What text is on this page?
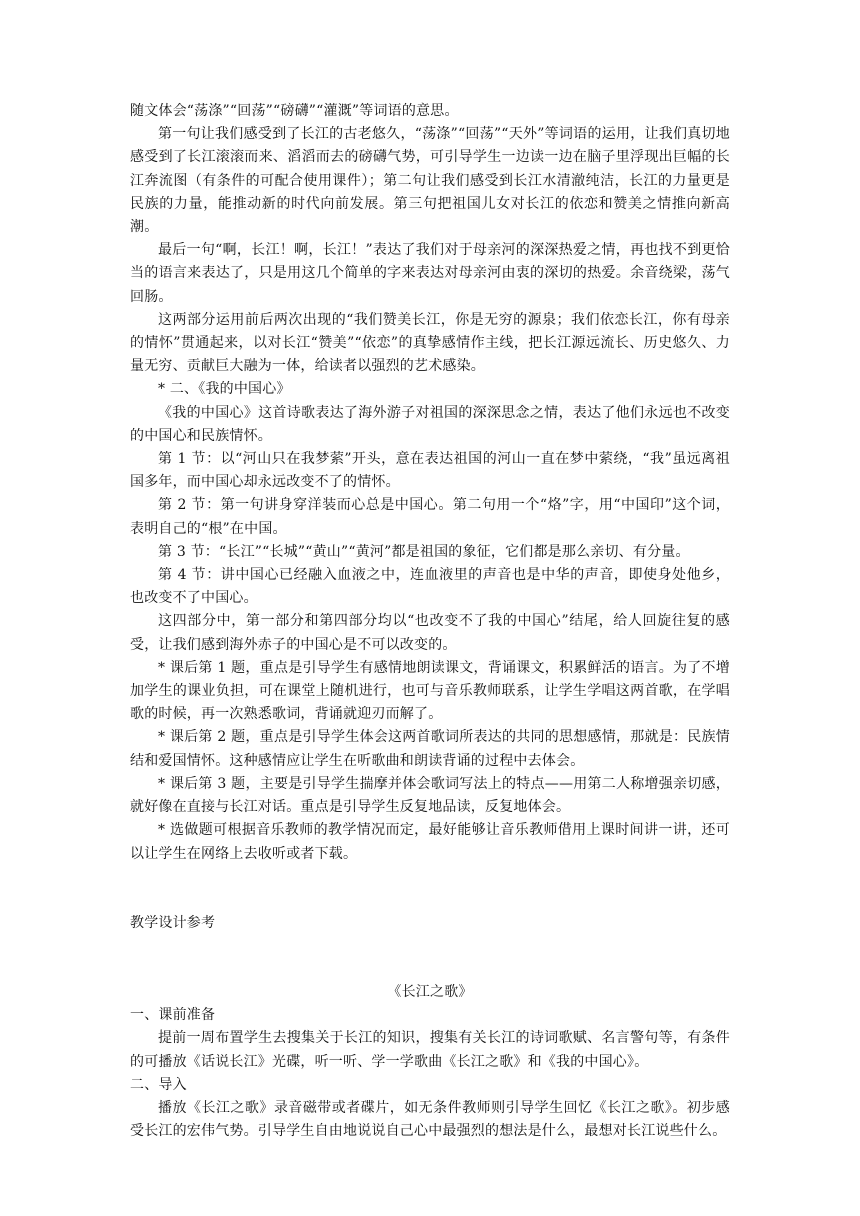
随文体会“荡涤”“回荡”“磅礴”“灌溉”等词语的意思。

第一句让我们感受到了长江的古老悠久，“荡涤”“回荡”“天外”等词语的运用，让我们真切地感受到了长江滚滚而来、滔滔而去的磅礴气势，可引导学生一边读一边在脑子里浮现出巨幅的长江奔流图（有条件的可配合使用课件）；第二句让我们感受到长江水清澈纯洁，长江的力量更是民族的力量，能推动新的时代向前发展。第三句把祖国儿女对长江的依恋和赞美之情推向新高潮。

最后一句“啊，长江！啊，长江！”表达了我们对于母亲河的深深热爱之情，再也找不到更恰当的语言来表达了，只是用这几个简单的字来表达对母亲河由衷的深切的热爱。余音绕梁，荡气回肠。

这两部分运用前后两次出现的“我们赞美长江，你是无穷的源泉；我们依恋长江，你有母亲的情怀”贯通起来，以对长江“赞美”“依恋”的真挚感情作主线，把长江源远流长、历史悠久、力量无穷、贡献巨大融为一体，给读者以强烈的艺术感染。

* 二、《我的中国心》

《我的中国心》这首诗歌表达了海外游子对祖国的深深思念之情，表达了他们永远也不改变的中国心和民族情怀。

第 1 节：以“河山只在我梦萦”开头，意在表达祖国的河山一直在梦中萦绕，“我”虽远离祖国多年，而中国心却永远改变不了的情怀。

第 2 节：第一句讲身穿洋装而心总是中国心。第二句用一个“烙”字，用“中国印”这个词，表明自己的“根”在中国。

第 3 节：“长江”“长城”“黄山”“黄河”都是祖国的象征，它们都是那么亲切、有分量。

第 4 节：讲中国心已经融入血液之中，连血液里的声音也是中华的声音，即使身处他乡，也改变不了中国心。

这四部分中，第一部分和第四部分均以“也改变不了我的中国心”结尾，给人回旋往复的感受，让我们感到海外赤子的中国心是不可以改变的。

* 课后第 1 题，重点是引导学生有感情地朗读课文，背诵课文，积累鲜活的语言。为了不增加学生的课业负担，可在课堂上随机进行，也可与音乐教师联系，让学生学唱这两首歌，在学唱歌的时候，再一次熟悉歌词，背诵就迎刃而解了。

* 课后第 2 题，重点是引导学生体会这两首歌词所表达的共同的思想感情，那就是：民族情结和爱国情怀。这种感情应让学生在听歌曲和朗读背诵的过程中去体会。

* 课后第 3 题，主要是引导学生揣摩并体会歌词写法上的特点——用第二人称增强亲切感，就好像在直接与长江对话。重点是引导学生反复地品读，反复地体会。

* 选做题可根据音乐教师的教学情况而定，最好能够让音乐教师借用上课时间讲一讲，还可以让学生在网络上去收听或者下载。

教学设计参考

《长江之歌》

一、课前准备

提前一周布置学生去搜集关于长江的知识，搜集有关长江的诗词歌赋、名言警句等，有条件的可播放《话说长江》光碟，听一听、学一学歌曲《长江之歌》和《我的中国心》。

二、导入

播放《长江之歌》录音磁带或者碟片，如无条件教师则引导学生回忆《长江之歌》。初步感受长江的宏伟气势。引导学生自由地说说自己心中最强烈的想法是什么，最想对长江说些什么。
